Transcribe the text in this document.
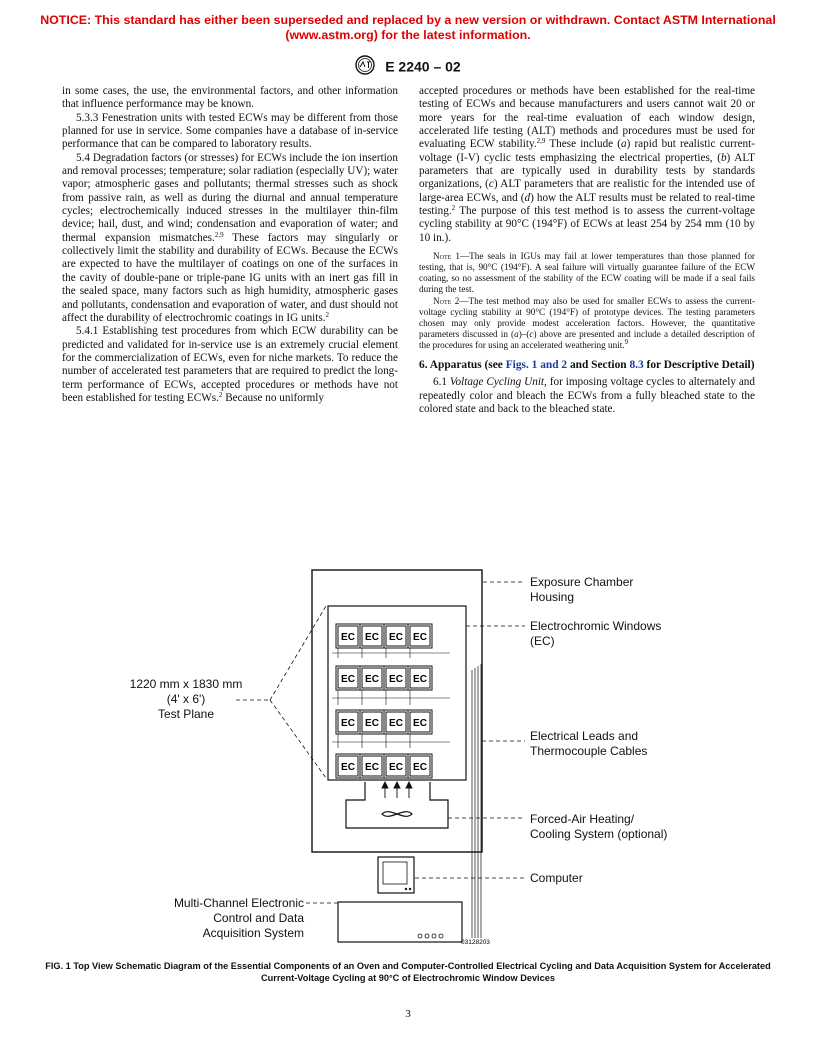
NOTICE: This standard has either been superseded and replaced by a new version or withdrawn. Contact ASTM International (www.astm.org) for the latest information.
E 2240 – 02

in some cases, the use, the environmental factors, and other information that influence performance may be known.

5.3.3 Fenestration units with tested ECWs may be different from those planned for use in service. Some companies have a database of in-service performance that can be compared to laboratory results.

5.4 Degradation factors (or stresses) for ECWs include the ion insertion and removal processes; temperature; solar radiation (especially UV); water vapor; atmospheric gases and pollutants; thermal stresses such as shock from passive rain, as well as during the diurnal and annual temperature cycles; electrochemically induced stresses in the multilayer thin-film device; hail, dust, and wind; condensation and evaporation of water; and thermal expansion mismatches.$^{2,9}$ These factors may singularly or collectively limit the stability and durability of ECWs. Because the ECWs are expected to have the multilayer of coatings on one of the surfaces in the cavity of double-pane or triple-pane IG units with an inert gas fill in the sealed space, many factors such as high humidity, atmospheric gases and pollutants, condensation and evaporation of water, and dust should not affect the durability of electrochromic coatings in IG units.$^2$

5.4.1 Establishing test procedures from which ECW durability can be predicted and validated for in-service use is an extremely crucial element for the commercialization of ECWs, even for niche markets. To reduce the number of accelerated test parameters that are required to predict the long-term performance of ECWs, accepted procedures or methods have not been established for testing ECWs.$^2$ Because no uniformly

accepted procedures or methods have been established for the real-time testing of ECWs and because manufacturers and users cannot wait 20 or more years for the real-time evaluation of each window design, accelerated life testing (ALT) methods and procedures must be used for evaluating ECW stability.$^{2,9}$ These include (a) rapid but realistic current-voltage (I-V) cyclic tests emphasizing the electrical properties, (b) ALT parameters that are typically used in durability tests by standards organizations, (c) ALT parameters that are realistic for the intended use of large-area ECWs, and (d) how the ALT results must be related to real-time testing.$^2$ The purpose of this test method is to assess the current-voltage cycling stability at 90°C (194°F) of ECWs at least 254 by 254 mm (10 by 10 in.).

Note 1—The seals in IGUs may fail at lower temperatures than those planned for testing, that is, 90°C (194°F). A seal failure will virtually guarantee failure of the ECW coating, so no assessment of the stability of the ECW coating will be made if a seal fails during the test.

Note 2—The test method may also be used for smaller ECWs to assess the current-voltage cycling stability at 90°C (194°F) of prototype devices. The testing parameters chosen may only provide modest acceleration factors. However, the quantitative parameters discussed in (a)–(c) above are presented and include a detailed description of the procedures for using an accelerated weathering unit.$^9$

6. Apparatus (see Figs. 1 and 2 and Section 8.3 for Descriptive Detail)

6.1 Voltage Cycling Unit, for imposing voltage cycles to alternately and repeatedly color and bleach the ECWs from a fully bleached state to the colored state and back to the bleached state.

EC EC EC EC
EC EC EC EC
EC EC EC EC
EC EC EC EC
03128203
Exposure Chamber
Housing
Electrochromic Windows
(EC)
Electrical Leads and
Thermocouple Cables
Forced-Air Heating/
Cooling System (optional)
Computer
Multi-Channel Electronic
Control and Data
Acquisition System
1220 mm x 1830 mm
(4' x 6')
Test Plane
FIG. 1 Top View Schematic Diagram of the Essential Components of an Oven and Computer-Controlled Electrical Cycling and Data Acquisition System for Accelerated Current-Voltage Cycling at 90°C of Electrochromic Window Devices
3
